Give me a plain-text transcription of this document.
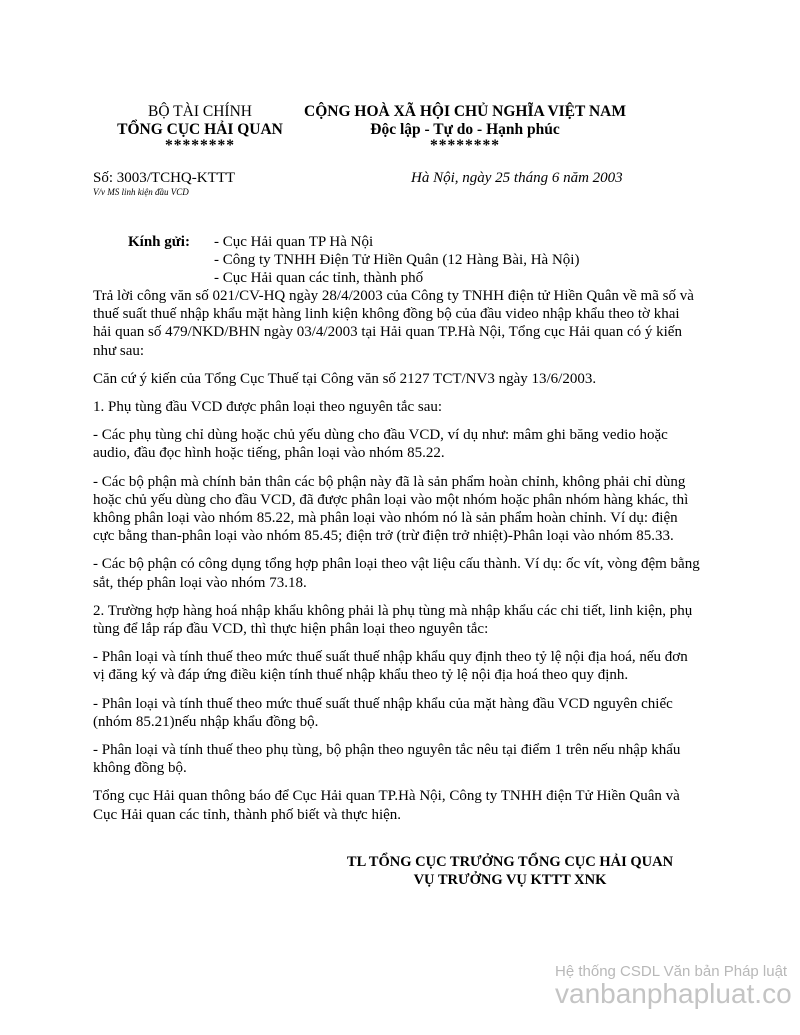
BỘ TÀI CHÍNH
TỔNG CỤC HẢI QUAN
********
CỘNG HOÀ XÃ HỘI CHỦ NGHĨA VIỆT NAM
Độc lập - Tự do - Hạnh phúc
********
Số: 3003/TCHQ-KTTT
V/v MS linh kiện đầu VCD
Hà Nội, ngày 25 tháng 6 năm 2003
Kính gửi: - Cục Hải quan TP Hà Nội
- Công ty TNHH Điện Tử Hiền Quân (12 Hàng Bài, Hà Nội)
- Cục Hải quan các tỉnh, thành phố

Trả lời công văn số 021/CV-HQ ngày 28/4/2003 của Công ty TNHH điện tử Hiền Quân về mã số và thuế suất thuế nhập khẩu mặt hàng linh kiện không đồng bộ của đầu video nhập khẩu theo tờ khai hải quan số 479/NKD/BHN ngày 03/4/2003 tại Hải quan TP.Hà Nội, Tổng cục Hải quan có ý kiến như sau:

Căn cứ ý kiến của Tổng Cục Thuế tại Công văn số 2127 TCT/NV3 ngày 13/6/2003.

1. Phụ tùng đầu VCD được phân loại theo nguyên tắc sau:

- Các phụ tùng chỉ dùng hoặc chủ yếu dùng cho đầu VCD, ví dụ như: mâm ghi băng vedio hoặc audio, đầu đọc hình hoặc tiếng, phân loại vào nhóm 85.22.

- Các bộ phận mà chính bản thân các bộ phận này đã là sản phẩm hoàn chỉnh, không phải chỉ dùng hoặc chủ yếu dùng cho đầu VCD, đã được phân loại vào một nhóm hoặc phân nhóm hàng khác, thì không phân loại vào nhóm 85.22, mà phân loại vào nhóm nó là sản phẩm hoàn chỉnh. Ví dụ: điện cực bằng than-phân loại vào nhóm 85.45; điện trở (trừ điện trở nhiệt)-Phân loại vào nhóm 85.33.

- Các bộ phận có công dụng tổng hợp phân loại theo vật liệu cấu thành. Ví dụ: ốc vít, vòng đệm bằng sắt, thép phân loại vào nhóm 73.18.

2. Trường hợp hàng hoá nhập khẩu không phải là phụ tùng mà nhập khẩu các chi tiết, linh kiện, phụ tùng để lắp ráp đầu VCD, thì thực hiện phân loại theo nguyên tắc:

- Phân loại và tính thuế theo mức thuế suất thuế nhập khẩu quy định theo tỷ lệ nội địa hoá, nếu đơn vị đăng ký và đáp ứng điều kiện tính thuế nhập khẩu theo tỷ lệ nội địa hoá theo quy định.

- Phân loại và tính thuế theo mức thuế suất thuế nhập khẩu của mặt hàng đầu VCD nguyên chiếc (nhóm 85.21)nếu nhập khẩu đồng bộ.

- Phân loại và tính thuế theo phụ tùng, bộ phận theo nguyên tắc nêu tại điểm 1 trên nếu nhập khẩu không đồng bộ.

Tổng cục Hải quan thông báo để Cục Hải quan TP.Hà Nội, Công ty TNHH điện Tử Hiền Quân và Cục Hải quan các tỉnh, thành phố biết và thực hiện.

TL TỔNG CỤC TRƯỞNG TỔNG CỤC HẢI QUAN
VỤ TRƯỞNG VỤ KTTT XNK
Hệ thống CSDL Văn bản Pháp luật
vanbanphapluat.co
